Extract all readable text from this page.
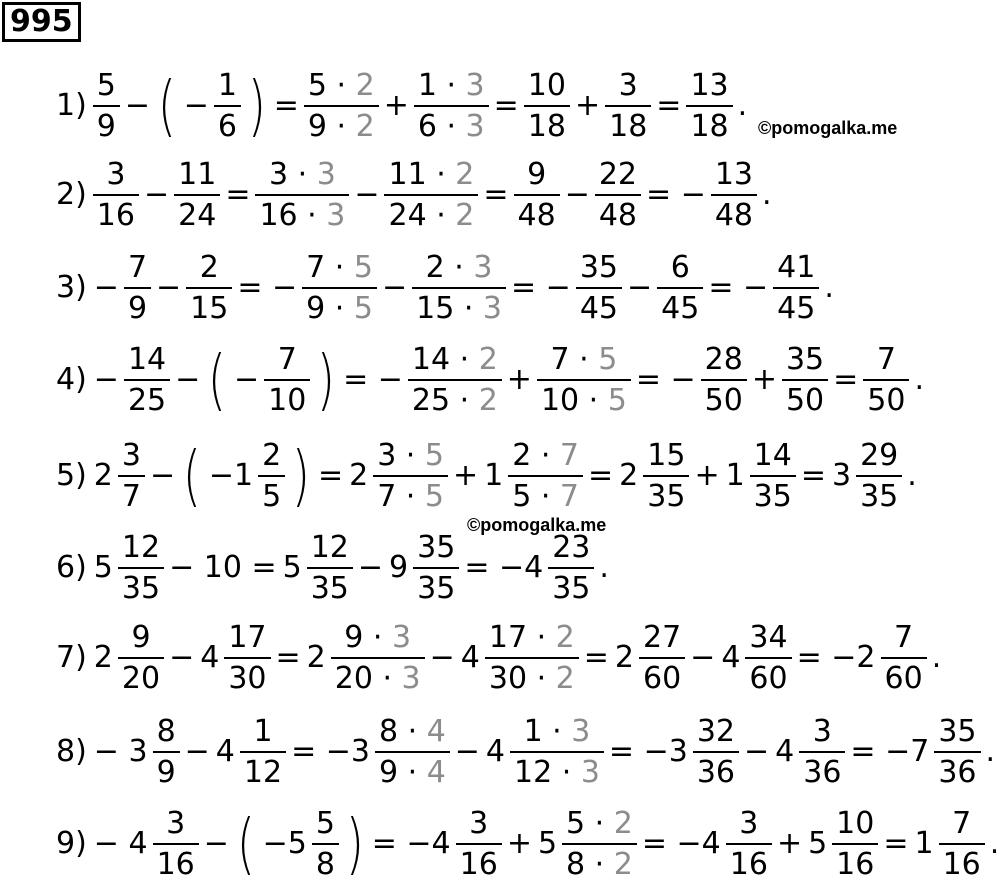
995
©pomogalka.me
©pomogalka.me
$1) \frac{5}{9}$ − ( − $\frac{1}{6}$ ) = $\frac{5 \cdot 2}{9 \cdot 2} + \frac{1 \cdot 3}{6 \cdot 3} = \frac{10}{18} + \frac{3}{18} = \frac{13}{18}$ .
$2) \frac{3}{16} - \frac{11}{24} = \frac{3 \cdot 3}{16 \cdot 3} - \frac{11 \cdot 2}{24 \cdot 2} = \frac{9}{48} - \frac{22}{48}$ = − $\frac{13}{48}$ .
$3) - \frac{7}{9} - \frac{2}{15}$ = − $\frac{7 \cdot 5}{9 \cdot 5} - \frac{2 \cdot 3}{15 \cdot 3}$ = − $\frac{35}{45} - \frac{6}{45}$ = − $\frac{41}{45}$ .
$4) - \frac{14}{25}$ − ( − $\frac{7}{10}$ ) = − $\frac{14 \cdot 2}{25 \cdot 2} + \frac{7 \cdot 5}{10 \cdot 5}$ = − $\frac{28}{50} + \frac{35}{50} = \frac{7}{50}$ .
5) $2 \frac{3}{7}$ − ( $-1 \frac{2}{5}$ ) = $2 \frac{3 \cdot 5}{7 \cdot 5} + 1 \frac{2 \cdot 7}{5 \cdot 7} = 2 \frac{15}{35} + 1 \frac{14}{35} = 3 \frac{29}{35}$ .
6) $5 \frac{12}{35} - 10 = 5 \frac{12}{35} - 9 \frac{35}{35} = -4 \frac{23}{35}$ .
7) $2 \frac{9}{20} - 4 \frac{17}{30} = 2 \frac{9 \cdot 3}{20 \cdot 3} - 4 \frac{17 \cdot 2}{30 \cdot 2} = 2 \frac{27}{60} - 4 \frac{34}{60} = -2 \frac{7}{60}$ .
$8) - 3 \frac{8}{9} - 4 \frac{1}{12} = -3 \frac{8 \cdot 4}{9 \cdot 4} - 4 \frac{1 \cdot 3}{12 \cdot 3} = -3 \frac{32}{36} - 4 \frac{3}{36} = -7 \frac{35}{36}$ .
$9) - 4 \frac{3}{16}$ − ( $-5 \frac{5}{8}$ ) = $-4 \frac{3}{16} + 5 \frac{5 \cdot 2}{8 \cdot 2} = -4 \frac{3}{16} + 5 \frac{10}{16} = 1 \frac{7}{16}$ .
